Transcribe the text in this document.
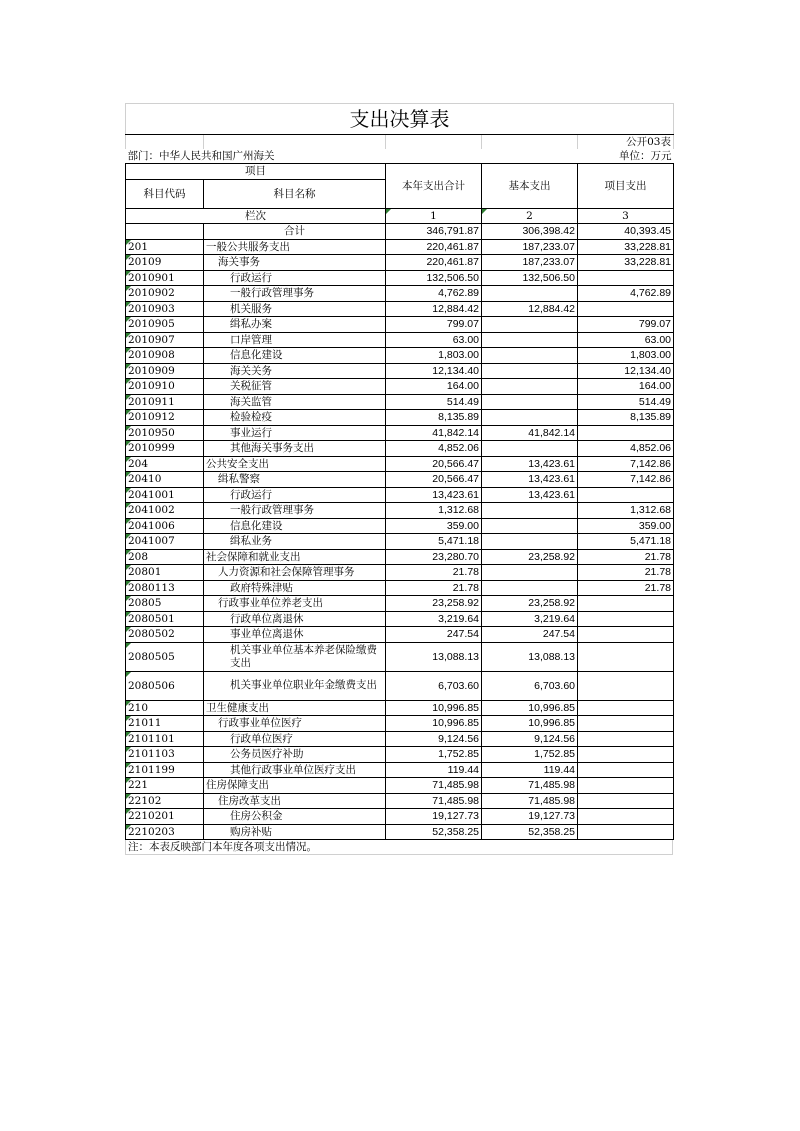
支出决算表				
				公开03表
部门：中华人民共和国广州海关				单位：万元
项目		本年支出合计	基本支出	项目支出
科目代码	科目名称			
栏次		1	2	3
	合计	346,791.87	306,398.42	40,393.45
201	一般公共服务支出	220,461.87	187,233.07	33,228.81
20109	海关事务	220,461.87	187,233.07	33,228.81
2010901	行政运行	132,506.50	132,506.50	
2010902	一般行政管理事务	4,762.89		4,762.89
2010903	机关服务	12,884.42	12,884.42	
2010905	缉私办案	799.07		799.07
2010907	口岸管理	63.00		63.00
2010908	信息化建设	1,803.00		1,803.00
2010909	海关关务	12,134.40		12,134.40
2010910	关税征管	164.00		164.00
2010911	海关监管	514.49		514.49
2010912	检验检疫	8,135.89		8,135.89
2010950	事业运行	41,842.14	41,842.14	
2010999	其他海关事务支出	4,852.06		4,852.06
204	公共安全支出	20,566.47	13,423.61	7,142.86
20410	缉私警察	20,566.47	13,423.61	7,142.86
2041001	行政运行	13,423.61	13,423.61	
2041002	一般行政管理事务	1,312.68		1,312.68
2041006	信息化建设	359.00		359.00
2041007	缉私业务	5,471.18		5,471.18
208	社会保障和就业支出	23,280.70	23,258.92	21.78
20801	人力资源和社会保障管理事务	21.78		21.78
2080113	政府特殊津贴	21.78		21.78
20805	行政事业单位养老支出	23,258.92	23,258.92	
2080501	行政单位离退休	3,219.64	3,219.64	
2080502	事业单位离退休	247.54	247.54	
2080505	机关事业单位基本养老保险缴费支出	13,088.13	13,088.13	
2080506	机关事业单位职业年金缴费支出	6,703.60	6,703.60	
210	卫生健康支出	10,996.85	10,996.85	
21011	行政事业单位医疗	10,996.85	10,996.85	
2101101	行政单位医疗	9,124.56	9,124.56	
2101103	公务员医疗补助	1,752.85	1,752.85	
2101199	其他行政事业单位医疗支出	119.44	119.44	
221	住房保障支出	71,485.98	71,485.98	
22102	住房改革支出	71,485.98	71,485.98	
2210201	住房公积金	19,127.73	19,127.73	
2210203	购房补贴	52,358.25	52,358.25	
注：本表反映部门本年度各项支出情况。
